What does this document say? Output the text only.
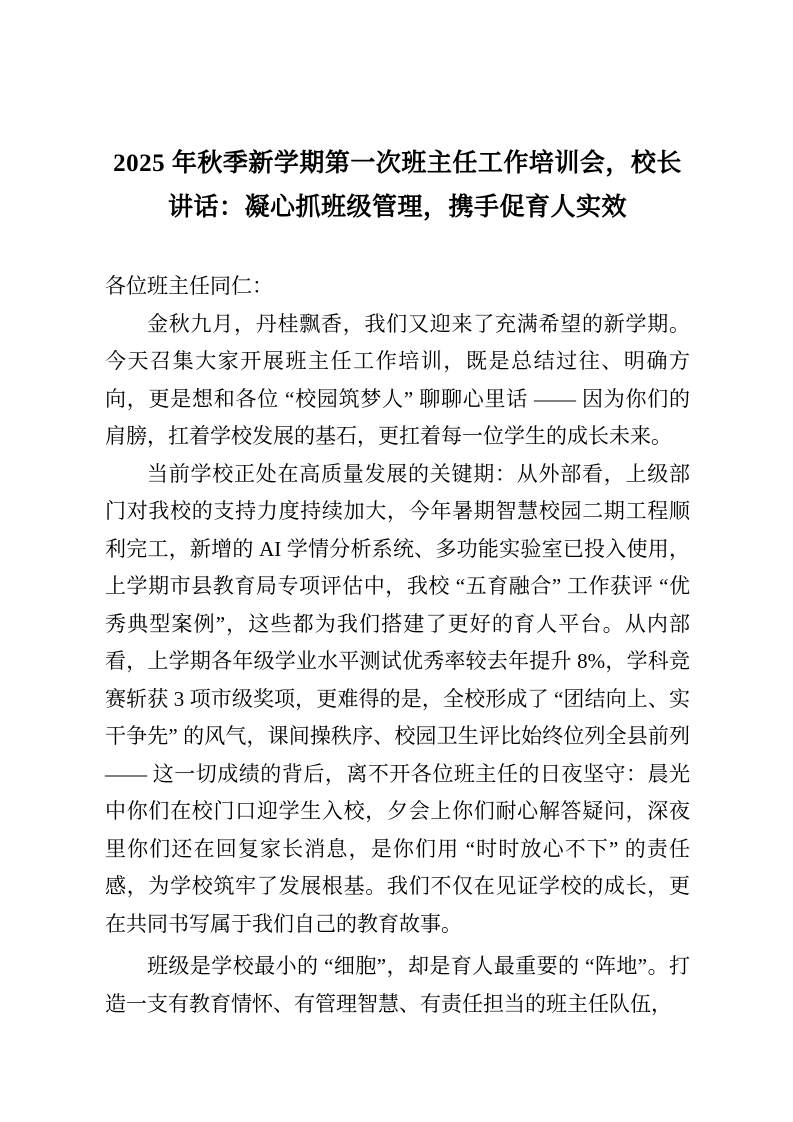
2025 年秋季新学期第一次班主任工作培训会，校长讲话：凝心抓班级管理，携手促育人实效

各位班主任同仁：

金秋九月，丹桂飘香，我们又迎来了充满希望的新学期。今天召集大家开展班主任工作培训，既是总结过往、明确方向，更是想和各位 “校园筑梦人” 聊聊心里话 —— 因为你们的肩膀，扛着学校发展的基石，更扛着每一位学生的成长未来。

当前学校正处在高质量发展的关键期：从外部看，上级部门对我校的支持力度持续加大，今年暑期智慧校园二期工程顺利完工，新增的 AI 学情分析系统、多功能实验室已投入使用，上学期市县教育局专项评估中，我校 “五育融合” 工作获评 “优秀典型案例”，这些都为我们搭建了更好的育人平台。从内部看，上学期各年级学业水平测试优秀率较去年提升 8%，学科竞赛斩获 3 项市级奖项，更难得的是，全校形成了 “团结向上、实干争先” 的风气，课间操秩序、校园卫生评比始终位列全县前列 —— 这一切成绩的背后，离不开各位班主任的日夜坚守：晨光中你们在校门口迎学生入校，夕会上你们耐心解答疑问，深夜里你们还在回复家长消息，是你们用 “时时放心不下” 的责任感，为学校筑牢了发展根基。我们不仅在见证学校的成长，更在共同书写属于我们自己的教育故事。

班级是学校最小的 “细胞”，却是育人最重要的 “阵地”。打造一支有教育情怀、有管理智慧、有责任担当的班主任队伍，
